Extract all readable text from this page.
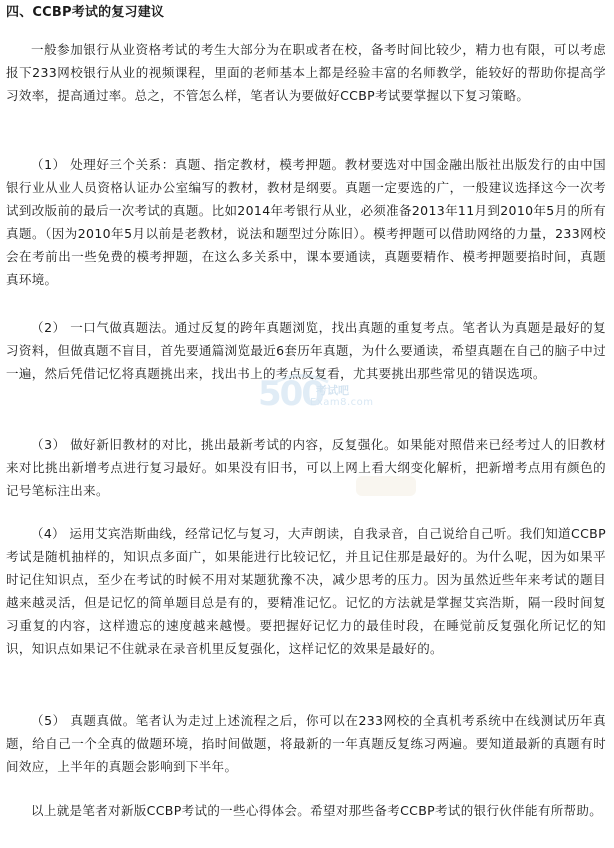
四、CCBP考试的复习建议

一般参加银行从业资格考试的考生大部分为在职或者在校，备考时间比较少，精力也有限，可以考虑报下233网校银行从业的视频课程，里面的老师基本上都是经验丰富的名师教学，能较好的帮助你提高学习效率，提高通过率。总之，不管怎么样，笔者认为要做好CCBP考试要掌握以下复习策略。

（1） 处理好三个关系：真题、指定教材，模考押题。教材要选对中国金融出版社出版发行的由中国银行业从业人员资格认证办公室编写的教材，教材是纲要。真题一定要选的广，一般建议选择这今一次考试到改版前的最后一次考试的真题。比如2014年考银行从业，必须准备2013年11月到2010年5月的所有真题。（因为2010年5月以前是老教材，说法和题型过分陈旧）。模考押题可以借助网络的力量，233网校会在考前出一些免费的模考押题，在这么多关系中，课本要通读，真题要精作、模考押题要掐时间，真题真环境。

（2） 一口气做真题法。通过反复的跨年真题浏览，找出真题的重复考点。笔者认为真题是最好的复习资料，但做真题不盲目，首先要通篇浏览最近6套历年真题，为什么要通读，希望真题在自己的脑子中过一遍，然后凭借记忆将真题挑出来，找出书上的考点反复看，尤其要挑出那些常见的错误选项。

（3） 做好新旧教材的对比，挑出最新考试的内容，反复强化。如果能对照借来已经考过人的旧教材来对比挑出新增考点进行复习最好。如果没有旧书，可以上网上看大纲变化解析，把新增考点用有颜色的记号笔标注出来。

（4） 运用艾宾浩斯曲线，经常记忆与复习，大声朗读，自我录音，自己说给自己听。我们知道CCBP考试是随机抽样的，知识点多面广，如果能进行比较记忆，并且记住那是最好的。为什么呢，因为如果平时记住知识点，至少在考试的时候不用对某题犹豫不决，减少思考的压力。因为虽然近些年来考试的题目越来越灵活，但是记忆的简单题目总是有的，要精准记忆。记忆的方法就是掌握艾宾浩斯，隔一段时间复习重复的内容，这样遗忘的速度越来越慢。要把握好记忆力的最佳时段，在睡觉前反复强化所记忆的知识，知识点如果记不住就录在录音机里反复强化，这样记忆的效果是最好的。

（5） 真题真做。笔者认为走过上述流程之后，你可以在233网校的全真机考系统中在线测试历年真题，给自己一个全真的做题环境，掐时间做题，将最新的一年真题反复练习两遍。要知道最新的真题有时间效应，上半年的真题会影响到下半年。

以上就是笔者对新版CCBP考试的一些心得体会。希望对那些备考CCBP考试的银行伙伴能有所帮助。

500
考试吧
Exam8.com
